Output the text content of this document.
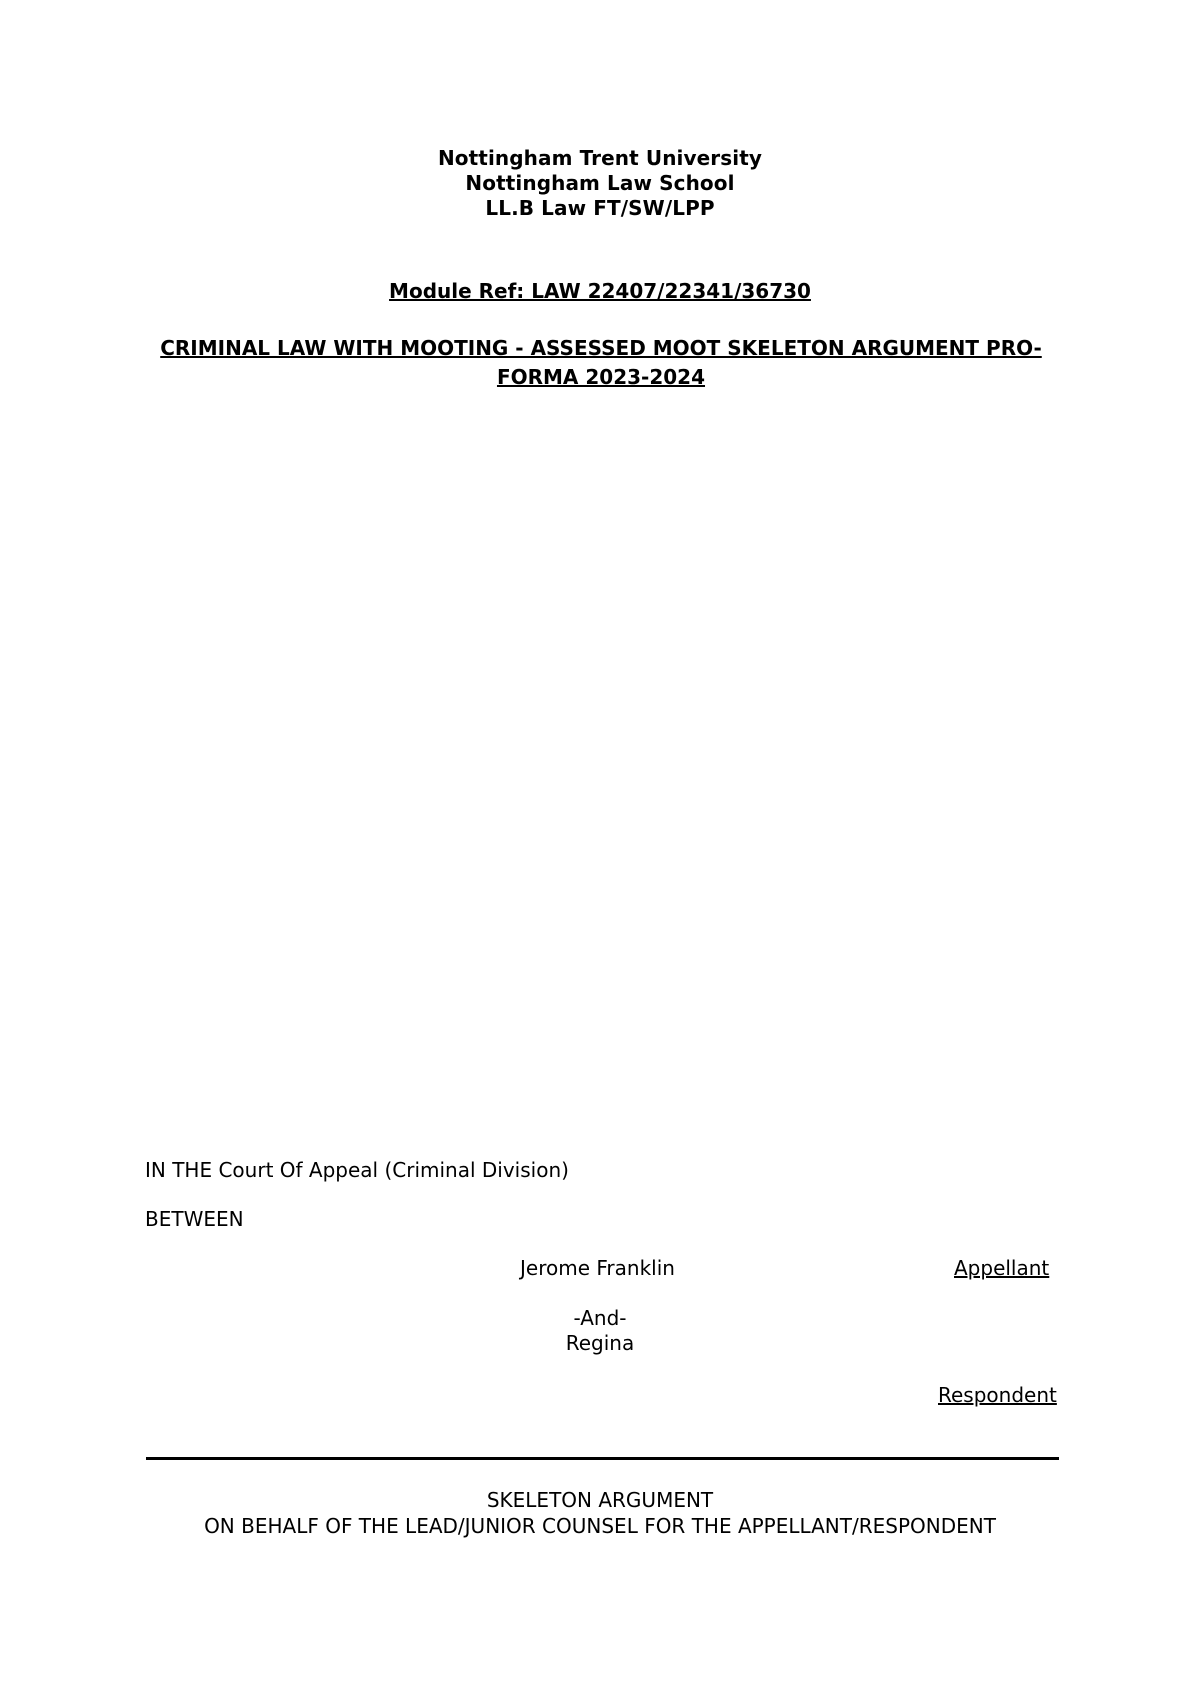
Nottingham Trent University
Nottingham Law School
LL.B Law FT/SW/LPP
Module Ref: LAW 22407/22341/36730
CRIMINAL LAW WITH MOOTING - ASSESSED MOOT SKELETON ARGUMENT PRO-FORMA 2023-2024
IN THE Court Of Appeal (Criminal Division)
BETWEEN
Jerome Franklin	Appellant
-And-
Regina
Respondent
SKELETON ARGUMENT
ON BEHALF OF THE LEAD/JUNIOR COUNSEL FOR THE APPELLANT/RESPONDENT
